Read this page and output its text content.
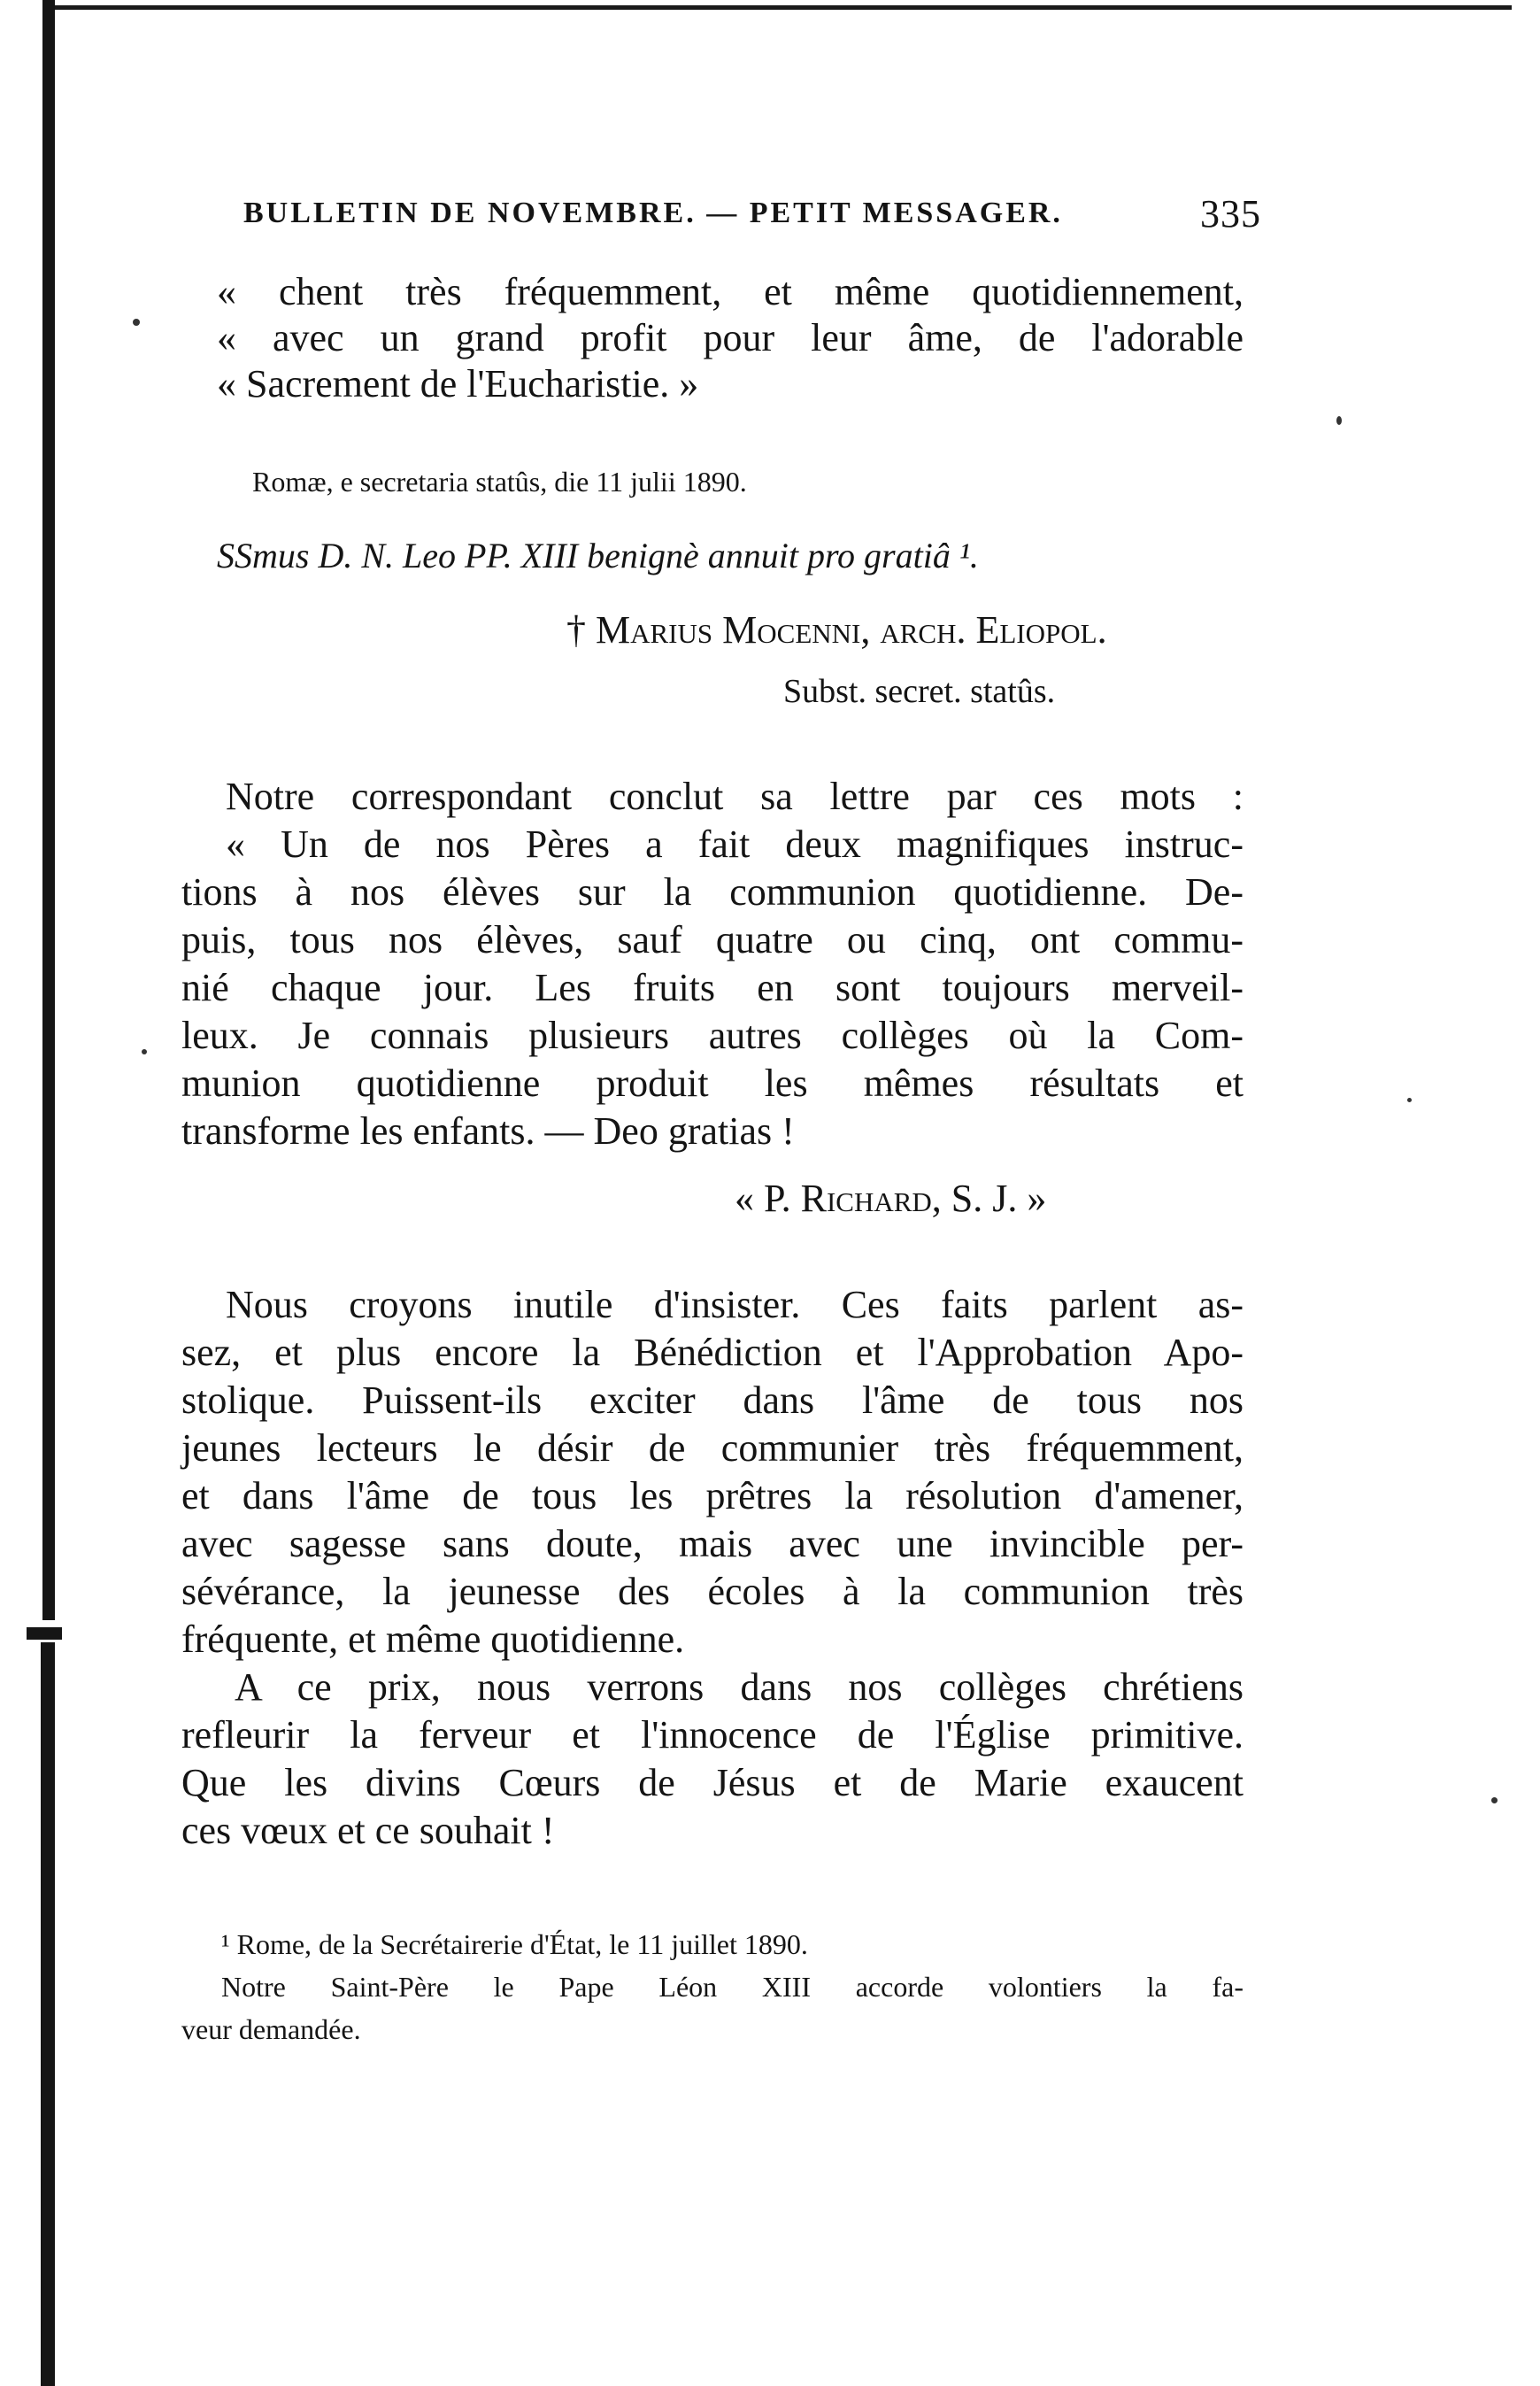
BULLETIN DE NOVEMBRE. — PETIT MESSAGER.	335
« chent très fréquemment, et même quotidiennement,
« avec un grand profit pour leur âme, de l'adorable
« Sacrement de l'Eucharistie. »
Romæ, e secretaria statûs, die 11 julii 1890.
SSmus D. N. Leo PP. XIII benignè annuit pro gratiâ ¹.
† Marius Mocenni, arch. Eliopol.
Subst. secret. statûs.
Notre correspondant conclut sa lettre par ces mots :
« Un de nos Pères a fait deux magnifiques instruc-
tions à nos élèves sur la communion quotidienne. De-
puis, tous nos élèves, sauf quatre ou cinq, ont commu-
nié chaque jour. Les fruits en sont toujours merveil-
leux. Je connais plusieurs autres collèges où la Com-
munion quotidienne produit les mêmes résultats et
transforme les enfants. — Deo gratias !
« P. Richard, S. J. »
Nous croyons inutile d'insister. Ces faits parlent as-
sez, et plus encore la Bénédiction et l'Approbation Apo-
stolique. Puissent-ils exciter dans l'âme de tous nos
jeunes lecteurs le désir de communier très fréquemment,
et dans l'âme de tous les prêtres la résolution d'amener,
avec sagesse sans doute, mais avec une invincible per-
sévérance, la jeunesse des écoles à la communion très
fréquente, et même quotidienne.
A ce prix, nous verrons dans nos collèges chrétiens
refleurir la ferveur et l'innocence de l'Église primitive.
Que les divins Cœurs de Jésus et de Marie exaucent
ces vœux et ce souhait !
¹ Rome, de la Secrétairerie d'État, le 11 juillet 1890.
Notre Saint-Père le Pape Léon XIII accorde volontiers la fa-
veur demandée.
